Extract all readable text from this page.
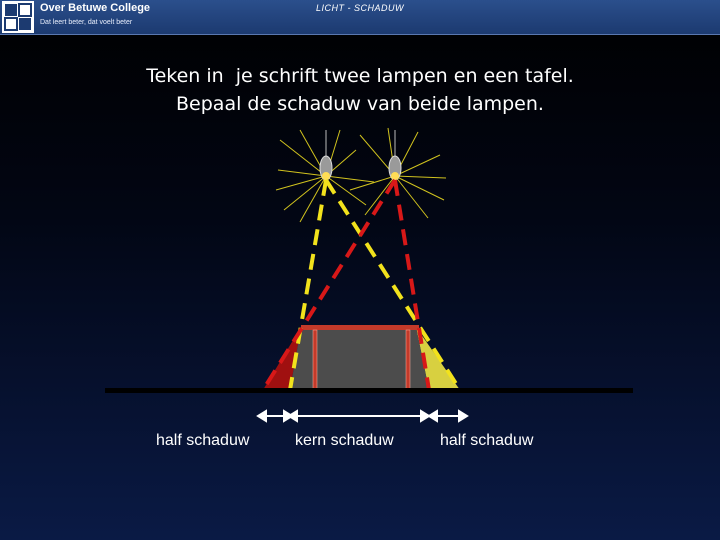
Over Betuwe College
Dat leert beter, dat voelt beter
LICHT - SCHADUW
Teken in  je schrift twee lampen en een tafel.
Bepaal de schaduw van beide lampen.
half schaduw	kern schaduw	half schaduw
